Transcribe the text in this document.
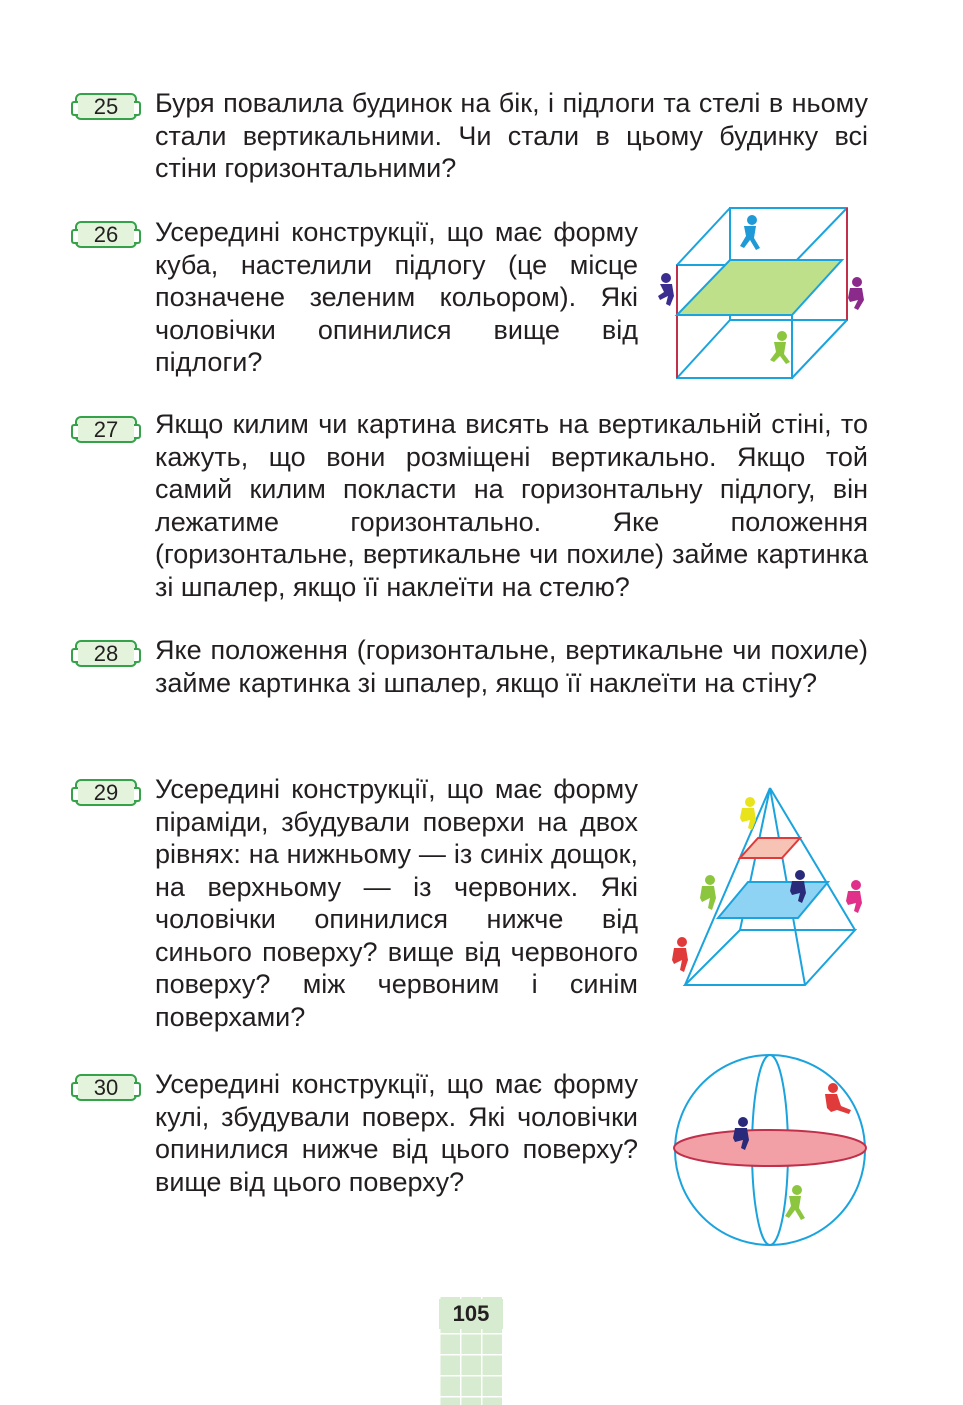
25	Буря повалила будинок на бік, і підлоги та стелі в ньому стали вертикальними. Чи стали в цьому будинку всі стіни горизонтальними?
26	Усередині конструкції, що має форму куба, настелили підлогу (це місце позначене зеленим кольором). Які чоловічки опинилися вище від підлоги?
27	Якщо килим чи картина висять на вертикальній стіні, то кажуть, що вони розміщені вертикально. Якщо той самий килим покласти на горизонтальну підлогу, він лежатиме горизонтально. Яке положення (горизонтальне, вертикальне чи похиле) займе картинка зі шпалер, якщо її наклеїти на стелю?
28	Яке положення (горизонтальне, вертикальне чи похиле) займе картинка зі шпалер, якщо її наклеїти на стіну?
29	Усередині конструкції, що має форму піраміди, збудували поверхи на двох рівнях: на нижньому — із синіх дощок, на верхньому — із червоних. Які чоловічки опинилися нижче від синього поверху? вище від червоного поверху? між червоним і синім поверхами?
30	Усередині конструкції, що має форму кулі, збудували поверх. Які чоловічки опинилися нижче від цього поверху? вище від цього поверху?
105
